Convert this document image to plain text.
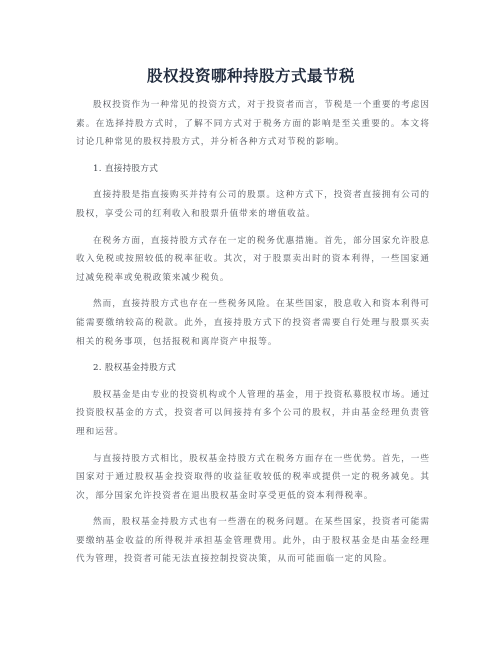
股权投资哪种持股方式最节税

股权投资作为一种常见的投资方式，对于投资者而言，节税是一个重要的考虑因素。在选择持股方式时，了解不同方式对于税务方面的影响是至关重要的。本文将讨论几种常见的股权持股方式，并分析各种方式对节税的影响。

1. 直接持股方式

直接持股是指直接购买并持有公司的股票。这种方式下，投资者直接拥有公司的股权，享受公司的红利收入和股票升值带来的增值收益。

在税务方面，直接持股方式存在一定的税务优惠措施。首先，部分国家允许股息收入免税或按照较低的税率征收。其次，对于股票卖出时的资本利得，一些国家通过减免税率或免税政策来减少税负。

然而，直接持股方式也存在一些税务风险。在某些国家，股息收入和资本利得可能需要缴纳较高的税款。此外，直接持股方式下的投资者需要自行处理与股票买卖相关的税务事项，包括报税和离岸资产申报等。

2. 股权基金持股方式

股权基金是由专业的投资机构或个人管理的基金，用于投资私募股权市场。通过投资股权基金的方式，投资者可以间接持有多个公司的股权，并由基金经理负责管理和运营。

与直接持股方式相比，股权基金持股方式在税务方面存在一些优势。首先，一些国家对于通过股权基金投资取得的收益征收较低的税率或提供一定的税务减免。其次，部分国家允许投资者在退出股权基金时享受更低的资本利得税率。

然而，股权基金持股方式也有一些潜在的税务问题。在某些国家，投资者可能需要缴纳基金收益的所得税并承担基金管理费用。此外，由于股权基金是由基金经理代为管理，投资者可能无法直接控制投资决策，从而可能面临一定的风险。
